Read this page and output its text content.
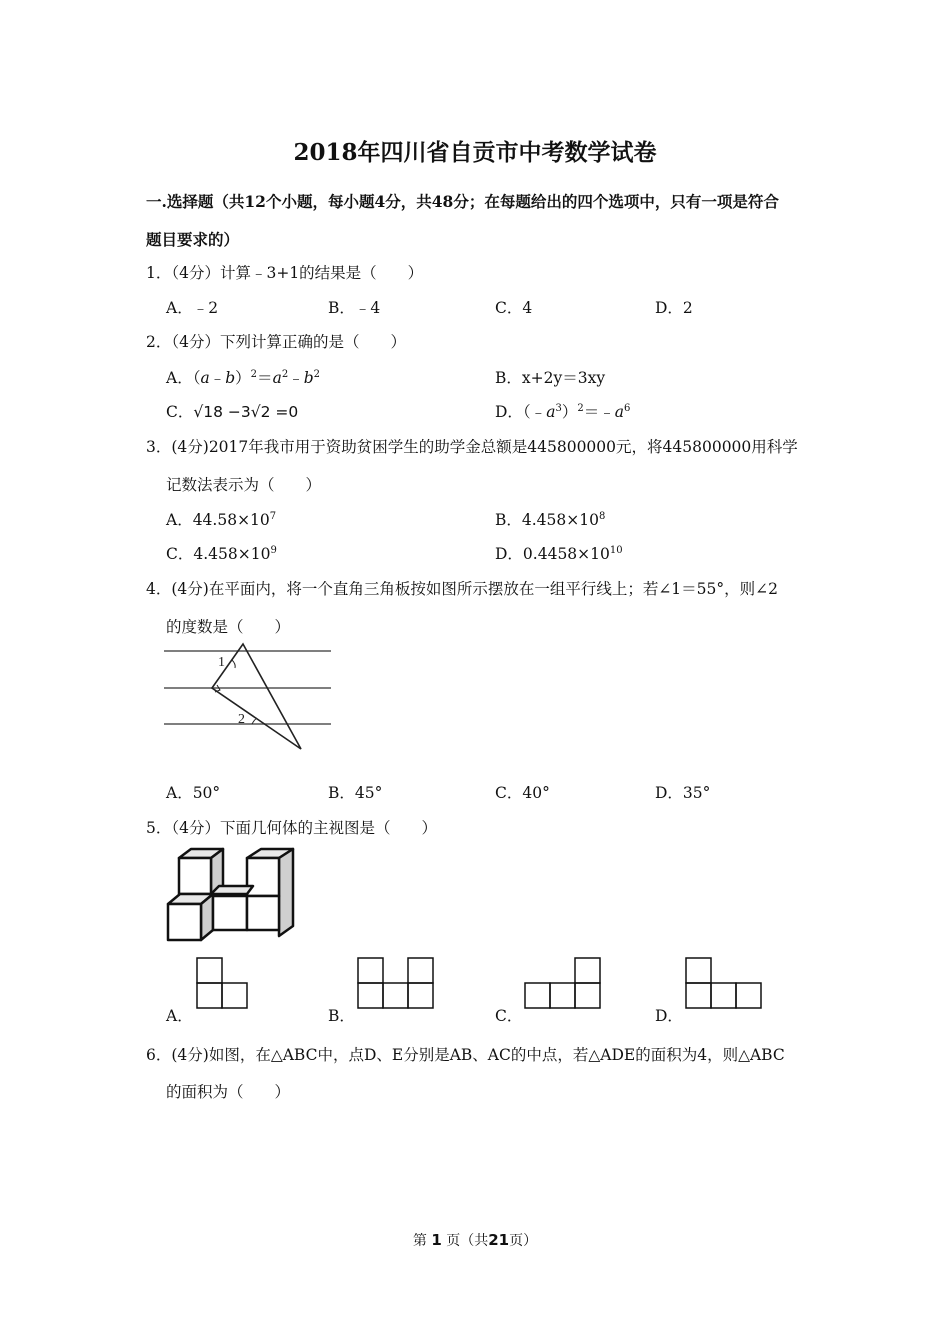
2018年四川省自贡市中考数学试卷
一.选择题（共12个小题，每小题4分，共48分；在每题给出的四个选项中，只有一项是符合
题目要求的）
1．（4分）计算﹣3+1的结果是（　　）
A．﹣2	B．﹣4	C．4	D．2
2．（4分）下列计算正确的是（　　）
A．$(a﹣b)^2=a^2﹣b^2$	B．x+2y＝3xy
C．√18 −3√2 =0	D．$(﹣a^3)^2=﹣a^6$
3．(4分)2017年我市用于资助贫困学生的助学金总额是445800000元，将445800000用科学
记数法表示为（　　）
A．$44.58\times 10^7$	B．$4.458\times 10^8$
C．$4.458\times 10^9$	D．$0.4458\times 10^{10}$
4．(4分)在平面内，将一个直角三角板按如图所示摆放在一组平行线上；若∠1＝55°，则∠2
的度数是（　　）
1
2
A．50°	B．45°	C．40°	D．35°
5．（4分）下面几何体的主视图是（　　）
A．	B．	C．	D．
6．(4分)如图，在△ABC中，点D、E分别是AB、AC的中点，若△ADE的面积为4，则△ABC
的面积为（　　）
第 1 页（共21页）
